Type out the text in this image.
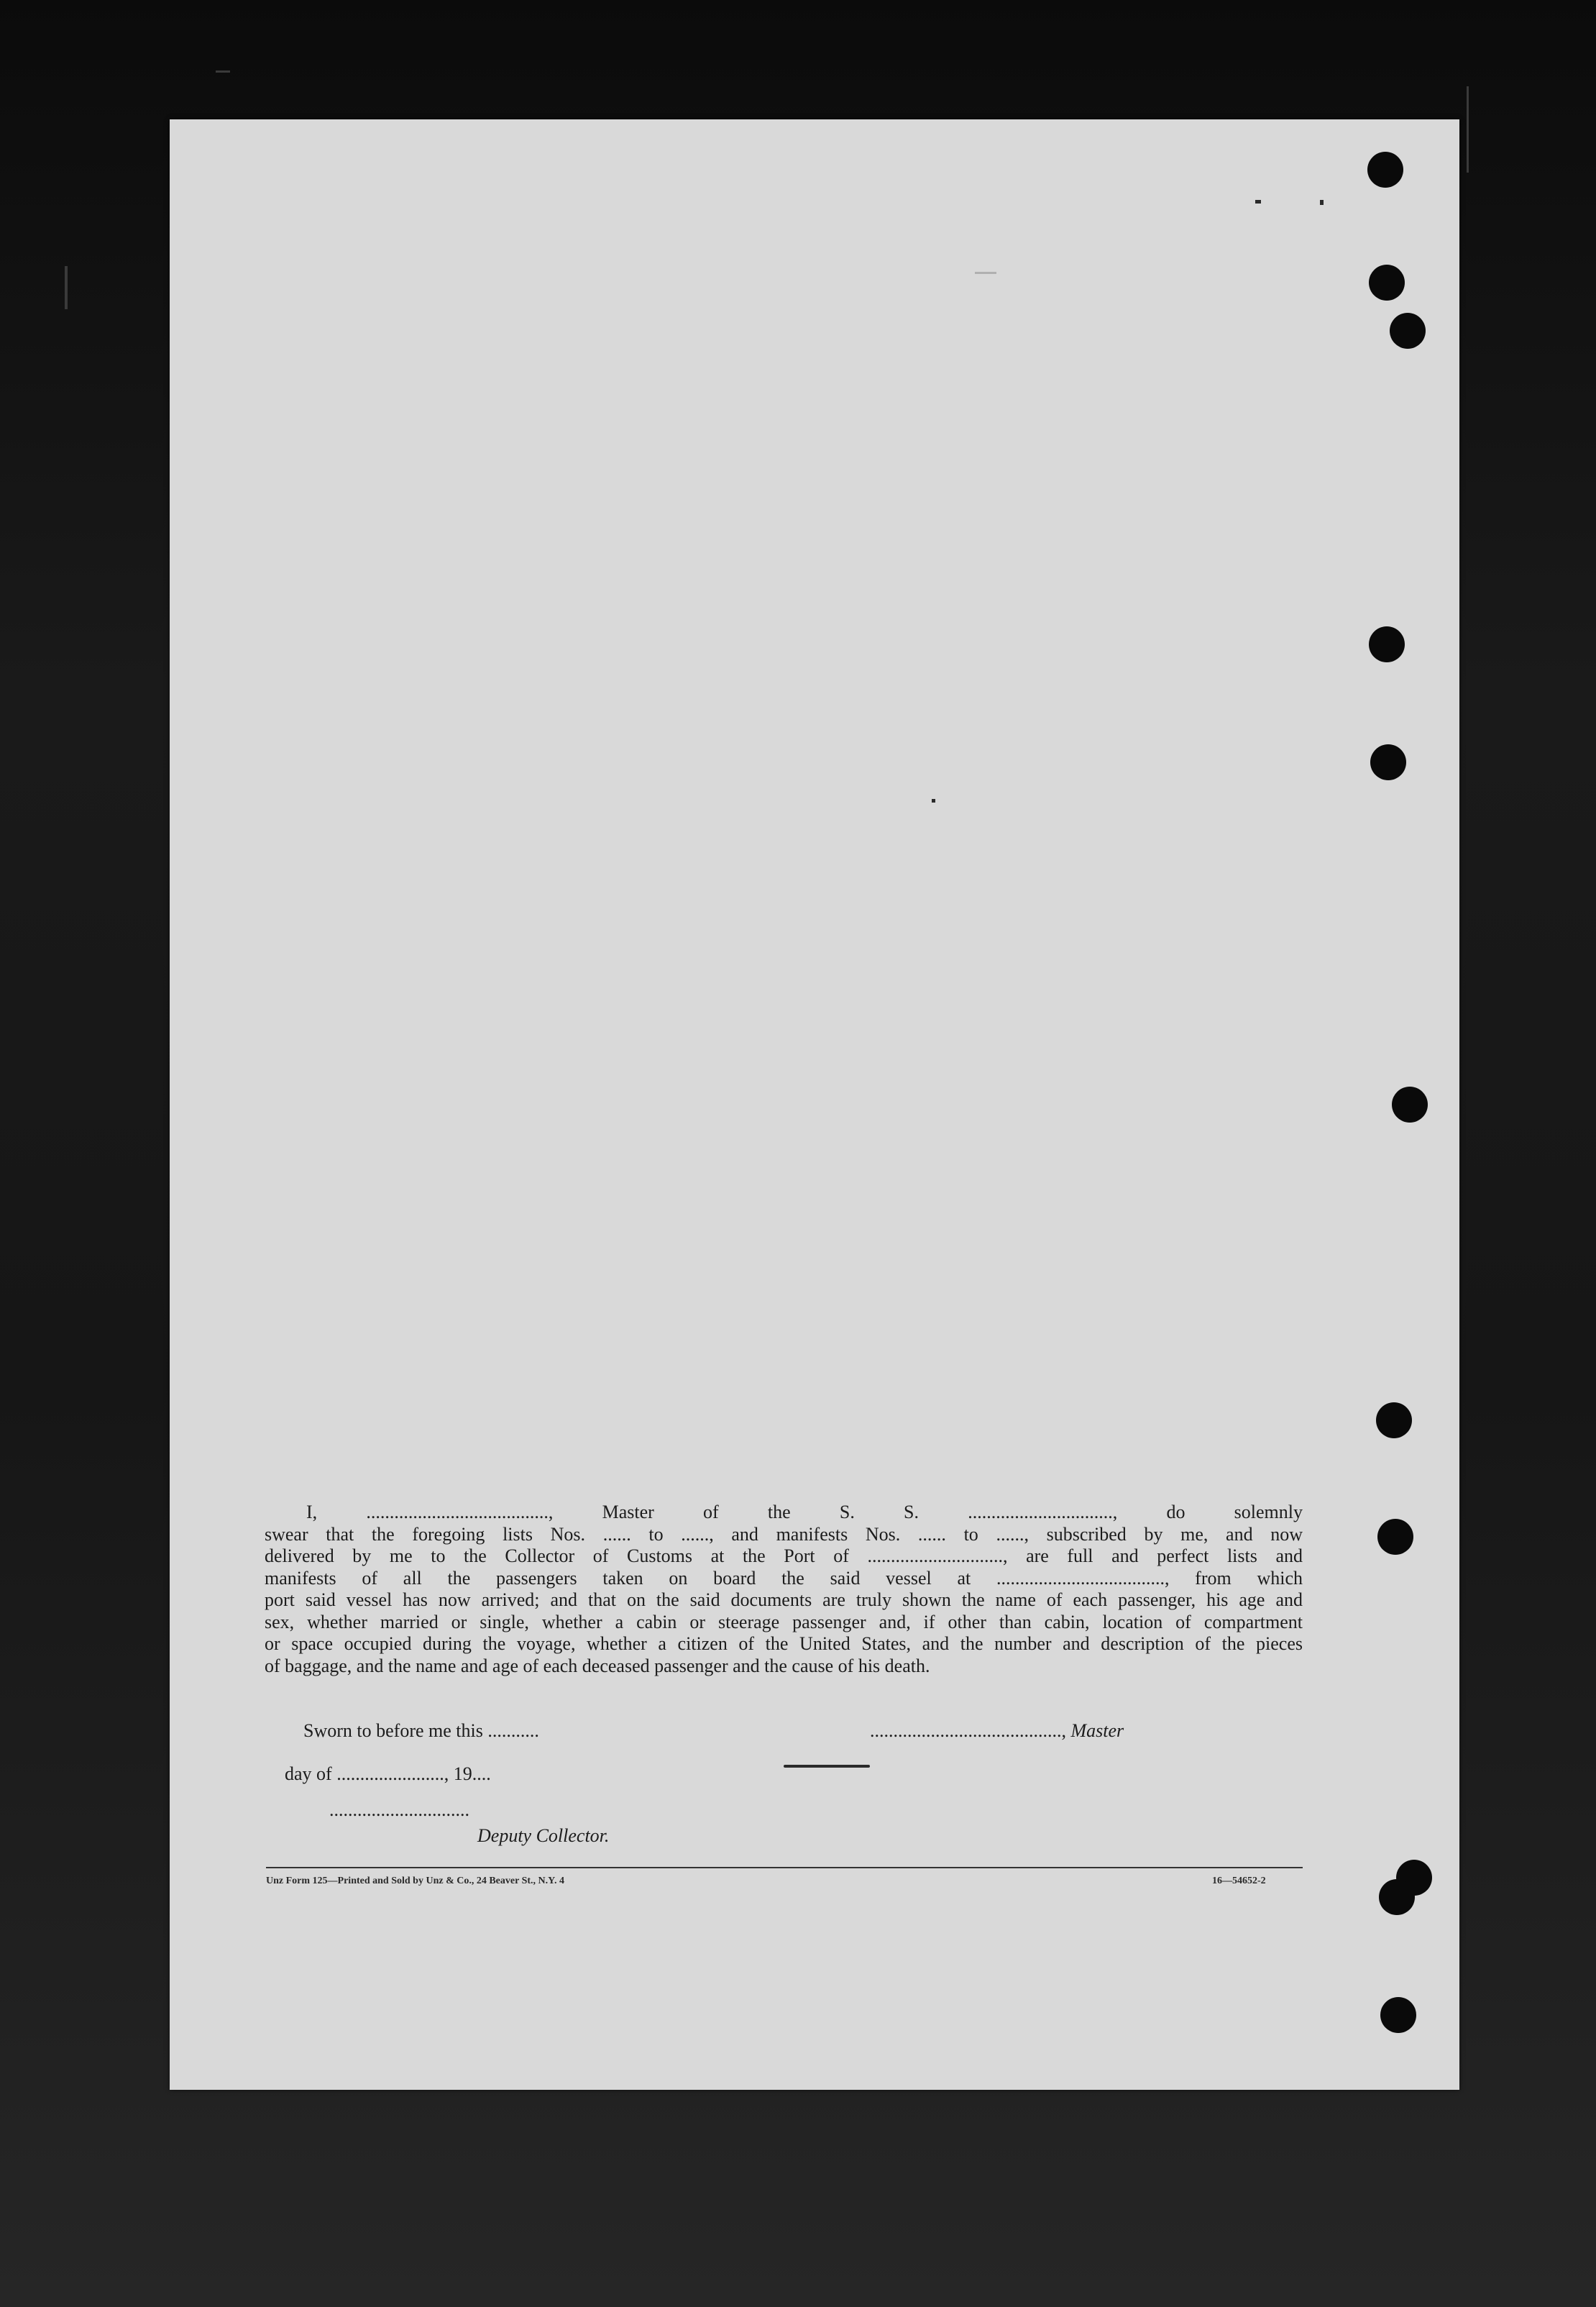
I, ......................................., Master of the S. S. ..............................., do solemnly
swear that the foregoing lists Nos. ...... to ......, and manifests Nos. ...... to ......, subscribed by me, and now
delivered by me to the Collector of Customs at the Port of ............................., are full and perfect lists and
manifests of all the passengers taken on board the said vessel at ...................................., from which
port said vessel has now arrived; and that on the said documents are truly shown the name of each passenger, his age and
sex, whether married or single, whether a cabin or steerage passenger and, if other than cabin, location of compartment
or space occupied during the voyage, whether a citizen of the United States, and the number and description of the pieces
of baggage, and the name and age of each deceased passenger and the cause of his death.

Sworn to before me this ...........
	........................................., Master

day of ......................., 19....

..............................

Deputy Collector.

Unz Form 125—Printed and Sold by Unz & Co., 24 Beaver St., N.Y. 4	16—54652-2
